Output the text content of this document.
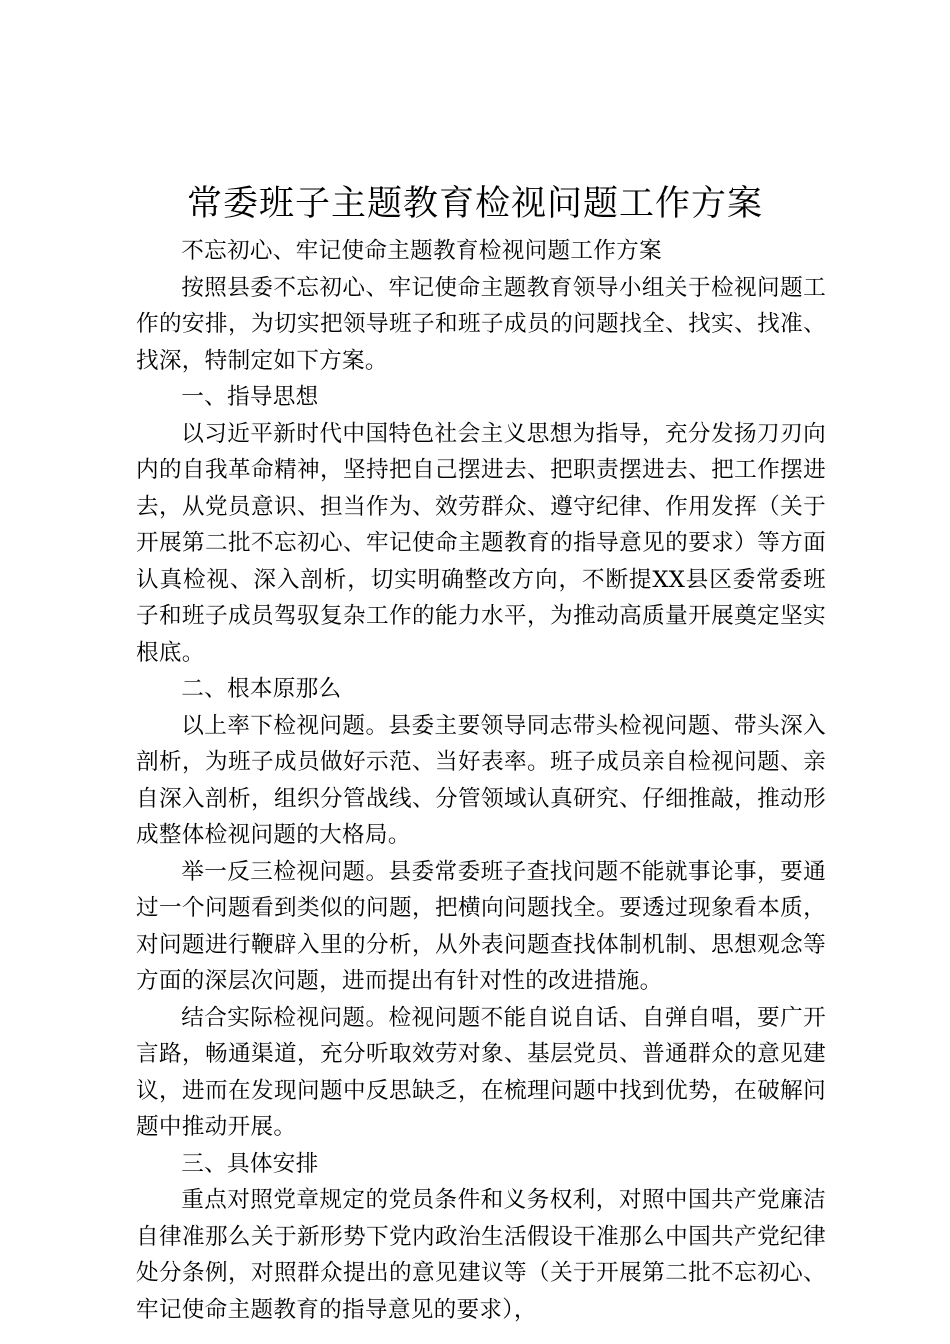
常委班子主题教育检视问题工作方案

不忘初心、牢记使命主题教育检视问题工作方案

按照县委不忘初心、牢记使命主题教育领导小组关于检视问题工作的安排，为切实把领导班子和班子成员的问题找全、找实、找准、找深，特制定如下方案。

一、指导思想

以习近平新时代中国特色社会主义思想为指导，充分发扬刀刃向内的自我革命精神，坚持把自己摆进去、把职责摆进去、把工作摆进去，从党员意识、担当作为、效劳群众、遵守纪律、作用发挥（关于开展第二批不忘初心、牢记使命主题教育的指导意见的要求）等方面认真检视、深入剖析，切实明确整改方向，不断提XX县区委常委班子和班子成员驾驭复杂工作的能力水平，为推动高质量开展奠定坚实根底。

二、根本原那么

以上率下检视问题。县委主要领导同志带头检视问题、带头深入剖析，为班子成员做好示范、当好表率。班子成员亲自检视问题、亲自深入剖析，组织分管战线、分管领域认真研究、仔细推敲，推动形成整体检视问题的大格局。

举一反三检视问题。县委常委班子查找问题不能就事论事，要通过一个问题看到类似的问题，把横向问题找全。要透过现象看本质，对问题进行鞭辟入里的分析，从外表问题查找体制机制、思想观念等方面的深层次问题，进而提出有针对性的改进措施。

结合实际检视问题。检视问题不能自说自话、自弹自唱，要广开言路，畅通渠道，充分听取效劳对象、基层党员、普通群众的意见建议，进而在发现问题中反思缺乏，在梳理问题中找到优势，在破解问题中推动开展。

三、具体安排

重点对照党章规定的党员条件和义务权利，对照中国共产党廉洁自律准那么关于新形势下党内政治生活假设干准那么中国共产党纪律处分条例，对照群众提出的意见建议等（关于开展第二批不忘初心、牢记使命主题教育的指导意见的要求），
